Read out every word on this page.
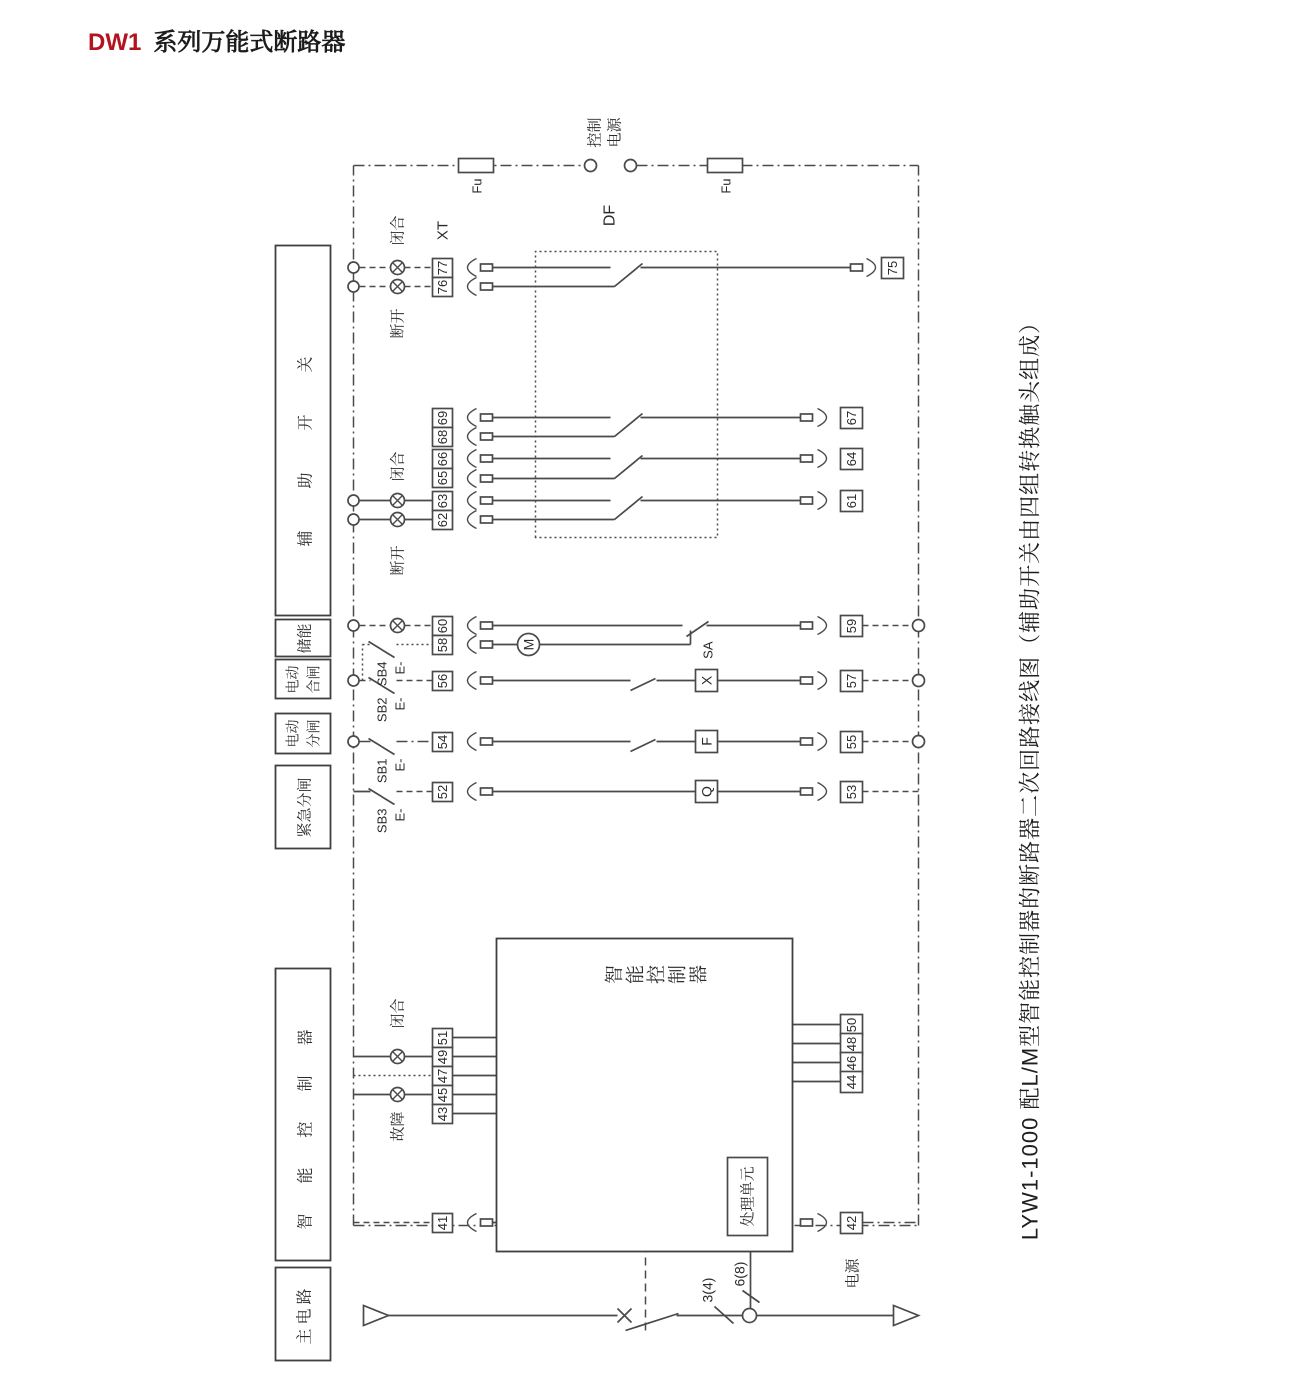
DW1 系列万能式断路器
主电路
智能控制器
紧急分闸
电动 分闸
电动 合闸
储能
辅助开关
Fu	Fu
控制 电源
DF
闭合
断开
闭合
断开
闭合
故障
XT
SB4 E-
SB2 E-
SB1 E-
SB3 E-
M	SA
X
F
Q
智 能 控 制 器
处理单元
3(4)
6(8)	电源
77
76
69
68
66
65
63
62
60
58
56
54
52
51
49
47
45
43
41
75
67
64
61
59
57
55
53
50
48
46
44
42	LYW1-1000 配L/M型智能控制器的断路器二次回路接线图（辅助开关由四组转换触头组成）
